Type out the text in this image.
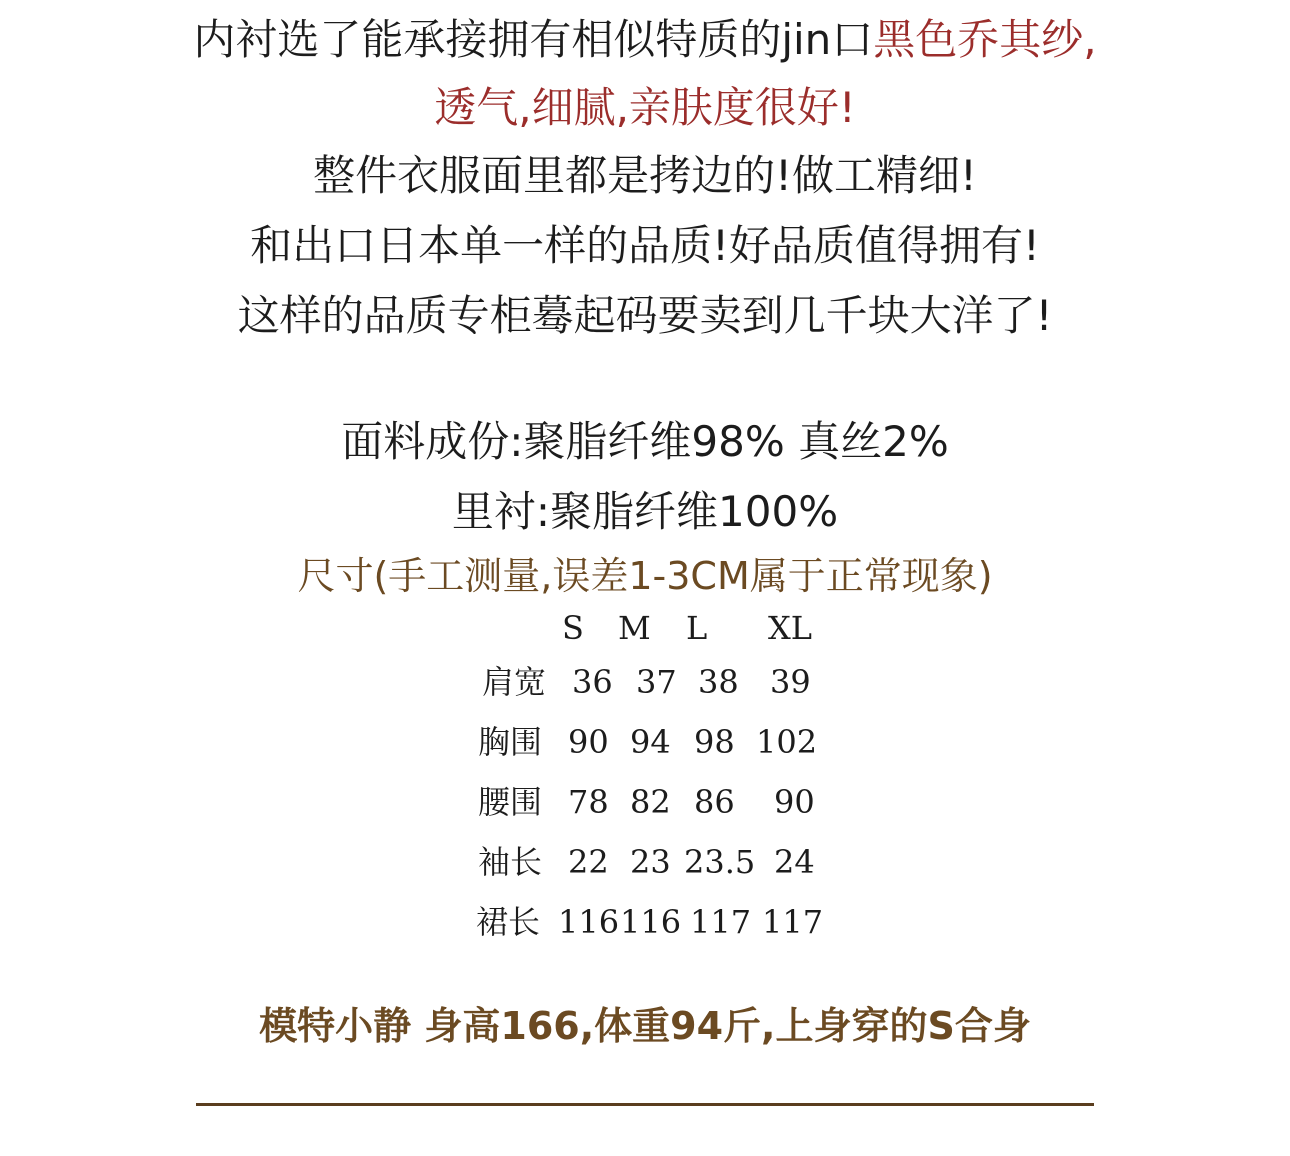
内衬选了能承接拥有相似特质的jin口黑色乔其纱,
透气,细腻,亲肤度很好!
整件衣服面里都是拷边的!做工精细!
和出口日本单一样的品质!好品质值得拥有!
这样的品质专柜蓦起码要卖到几千块大洋了!
面料成份:聚脂纤维98% 真丝2%
里衬:聚脂纤维100%
尺寸(手工测量,误差1-3CM属于正常现象)
S M L XL
肩宽 36 37 38 39
胸围 90 94 98 102
腰围 78 82 86 90
袖长 22 23 23.5 24
裙长 116 116 117 117
模特小静 身高166,体重94斤,上身穿的S合身
